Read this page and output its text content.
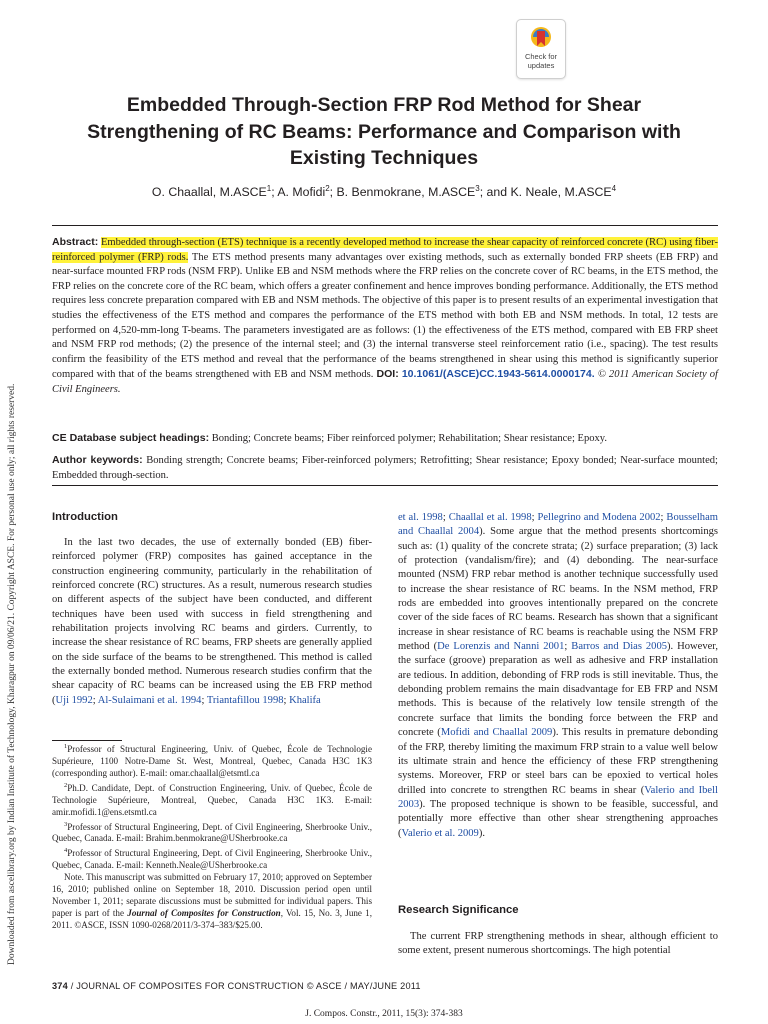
Downloaded from ascelibrary.org by Indian Institute of Technology, Kharagpur on 09/06/21. Copyright ASCE. For personal use only; all rights reserved.
Check for
updates
Embedded Through-Section FRP Rod Method for Shear Strengthening of RC Beams: Performance and Comparison with Existing Techniques
O. Chaallal, M.ASCE$^1$; A. Mofidi$^2$; B. Benmokrane, M.ASCE$^3$; and K. Neale, M.ASCE$^4$

Abstract: Embedded through-section (ETS) technique is a recently developed method to increase the shear capacity of reinforced concrete (RC) using fiber-reinforced polymer (FRP) rods. The ETS method presents many advantages over existing methods, such as externally bonded FRP sheets (EB FRP) and near-surface mounted FRP rods (NSM FRP). Unlike EB and NSM methods where the FRP relies on the concrete cover of RC beams, in the ETS method, the FRP relies on the concrete core of the RC beam, which offers a greater confinement and hence improves bonding performance. Additionally, the ETS method requires less concrete preparation compared with EB and NSM methods. The objective of this paper is to present results of an experimental investigation that studies the effectiveness of the ETS method and compares the performance of the ETS method with both EB and NSM methods. In total, 12 tests are performed on 4,520-mm-long T-beams. The parameters investigated are as follows: (1) the effectiveness of the ETS method, compared with EB FRP sheet and NSM FRP rod methods; (2) the presence of the internal steel; and (3) the internal transverse steel reinforcement ratio (i.e., spacing). The test results confirm the feasibility of the ETS method and reveal that the performance of the beams strengthened in shear using this method is significantly superior compared with that of the beams strengthened with EB and NSM methods. DOI: 10.1061/(ASCE)CC.1943-5614.0000174. © 2011 American Society of Civil Engineers.

CE Database subject headings: Bonding; Concrete beams; Fiber reinforced polymer; Rehabilitation; Shear resistance; Epoxy.

Author keywords: Bonding strength; Concrete beams; Fiber-reinforced polymers; Retrofitting; Shear resistance; Epoxy bonded; Near-surface mounted; Embedded through-section.

Introduction

In the last two decades, the use of externally bonded (EB) fiber-reinforced polymer (FRP) composites has gained acceptance in the construction engineering community, particularly in the rehabilitation of reinforced concrete (RC) structures. As a result, numerous research studies on different aspects of the subject have been conducted, and different techniques have been used with success in field strengthening and rehabilitation projects involving RC beams and girders. Currently, to increase the shear resistance of RC beams, FRP sheets are generally applied on the side surface of the beams to be strengthened. This method is called the externally bonded method. Numerous research studies confirm that the shear capacity of RC beams can be increased using the EB FRP method (Uji 1992; Al-Sulaimani et al. 1994; Triantafillou 1998; Khalifa

$^1$Professor of Structural Engineering, Univ. of Quebec, École de Technologie Supérieure, 1100 Notre-Dame St. West, Montreal, Quebec, Canada H3C 1K3 (corresponding author). E-mail: omar.chaallal@etsmtl.ca

$^2$Ph.D. Candidate, Dept. of Construction Engineering, Univ. of Quebec, École de Technologie Supérieure, Montreal, Quebec, Canada H3C 1K3. E-mail: amir.mofidi.1@ens.etsmtl.ca

$^3$Professor of Structural Engineering, Dept. of Civil Engineering, Sherbrooke Univ., Quebec, Canada. E-mail: Brahim.benmokrane@USherbrooke.ca

$^4$Professor of Structural Engineering, Dept. of Civil Engineering, Sherbrooke Univ., Quebec, Canada. E-mail: Kenneth.Neale@USherbrooke.ca

Note. This manuscript was submitted on February 17, 2010; approved on September 16, 2010; published online on September 18, 2010. Discussion period open until November 1, 2011; separate discussions must be submitted for individual papers. This paper is part of the Journal of Composites for Construction, Vol. 15, No. 3, June 1, 2011. ©ASCE, ISSN 1090-0268/2011/3-374–383/$25.00.

et al. 1998; Chaallal et al. 1998; Pellegrino and Modena 2002; Bousselham and Chaallal 2004). Some argue that the method presents shortcomings such as: (1) quality of the concrete strata; (2) surface preparation; (3) lack of protection (vandalism/fire); and (4) debonding. The near-surface mounted (NSM) FRP rebar method is another technique successfully used to increase the shear resistance of RC beams. In the NSM method, FRP rods are embedded into grooves intentionally prepared on the concrete cover of the side faces of RC beams. Research has shown that a significant increase in shear resistance of RC beams is reachable using the NSM FRP method (De Lorenzis and Nanni 2001; Barros and Dias 2005). However, the surface (groove) preparation as well as adhesive and FRP installation are tedious. In addition, debonding of FRP rods is still inevitable. Thus, the debonding problem remains the main disadvantage for EB FRP and NSM methods. This is because of the relatively low tensile strength of the concrete surface that limits the bonding force between the FRP and concrete (Mofidi and Chaallal 2009). This results in premature debonding of the FRP, thereby limiting the maximum FRP strain to a value well below its ultimate strain and hence the efficiency of these FRP strengthening systems. Moreover, FRP or steel bars can be epoxied to vertical holes drilled into concrete to strengthen RC beams in shear (Valerio and Ibell 2003). The proposed technique is shown to be feasible, successful, and potentially more effective than other shear strengthening approaches (Valerio et al. 2009).

Research Significance

The current FRP strengthening methods in shear, although efficient to some extent, present numerous shortcomings. The high potential

374 / JOURNAL OF COMPOSITES FOR CONSTRUCTION © ASCE / MAY/JUNE 2011
J. Compos. Constr., 2011, 15(3): 374-383
